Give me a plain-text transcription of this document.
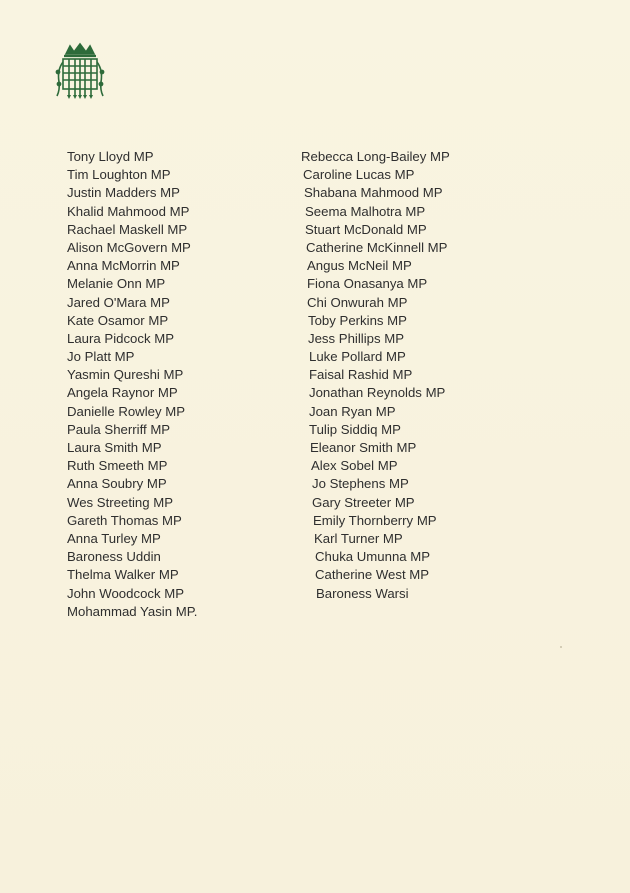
Tony Lloyd MP
Tim Loughton MP
Justin Madders MP
Khalid Mahmood MP
Rachael Maskell MP
Alison McGovern MP
Anna McMorrin MP
Melanie Onn MP
Jared O'Mara MP
Kate Osamor MP
Laura Pidcock MP
Jo Platt MP
Yasmin Qureshi MP
Angela Raynor MP
Danielle Rowley MP
Paula Sherriff MP
Laura Smith MP
Ruth Smeeth MP
Anna Soubry MP
Wes Streeting MP
Gareth Thomas MP
Anna Turley MP
Baroness Uddin
Thelma Walker MP
John Woodcock MP
Mohammad Yasin MP.
Rebecca Long-Bailey MP
Caroline Lucas MP
Shabana Mahmood MP
Seema Malhotra MP
Stuart McDonald MP
Catherine McKinnell MP
Angus McNeil MP
Fiona Onasanya MP
Chi Onwurah MP
Toby Perkins MP
Jess Phillips MP
Luke Pollard MP
Faisal Rashid MP
Jonathan Reynolds MP
Joan Ryan MP
Tulip Siddiq MP
Eleanor Smith MP
Alex Sobel MP
Jo Stephens MP
Gary Streeter MP
Emily Thornberry MP
Karl Turner MP
Chuka Umunna MP
Catherine West MP
Baroness Warsi
